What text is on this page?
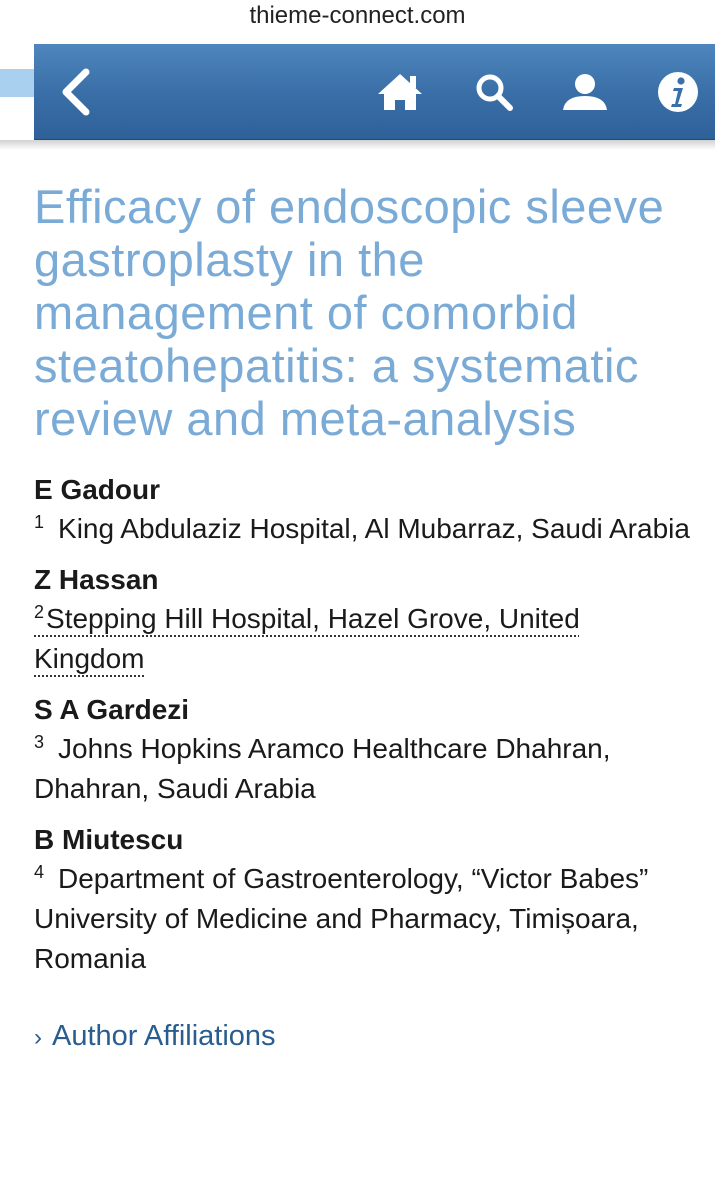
thieme-connect.com
Efficacy of endoscopic sleeve gastroplasty in the management of comorbid steatohepatitis: a systematic review and meta-analysis
E Gadour
$^1$ King Abdulaziz Hospital, Al Mubarraz, Saudi Arabia
Z Hassan
$^2$Stepping Hill Hospital, Hazel Grove, United Kingdom
S A Gardezi
$^3$ Johns Hopkins Aramco Healthcare Dhahran, Dhahran, Saudi Arabia
B Miutescu
$^4$ Department of Gastroenterology, “Victor Babes” University of Medicine and Pharmacy, Timișoara, Romania
› Author Affiliations
